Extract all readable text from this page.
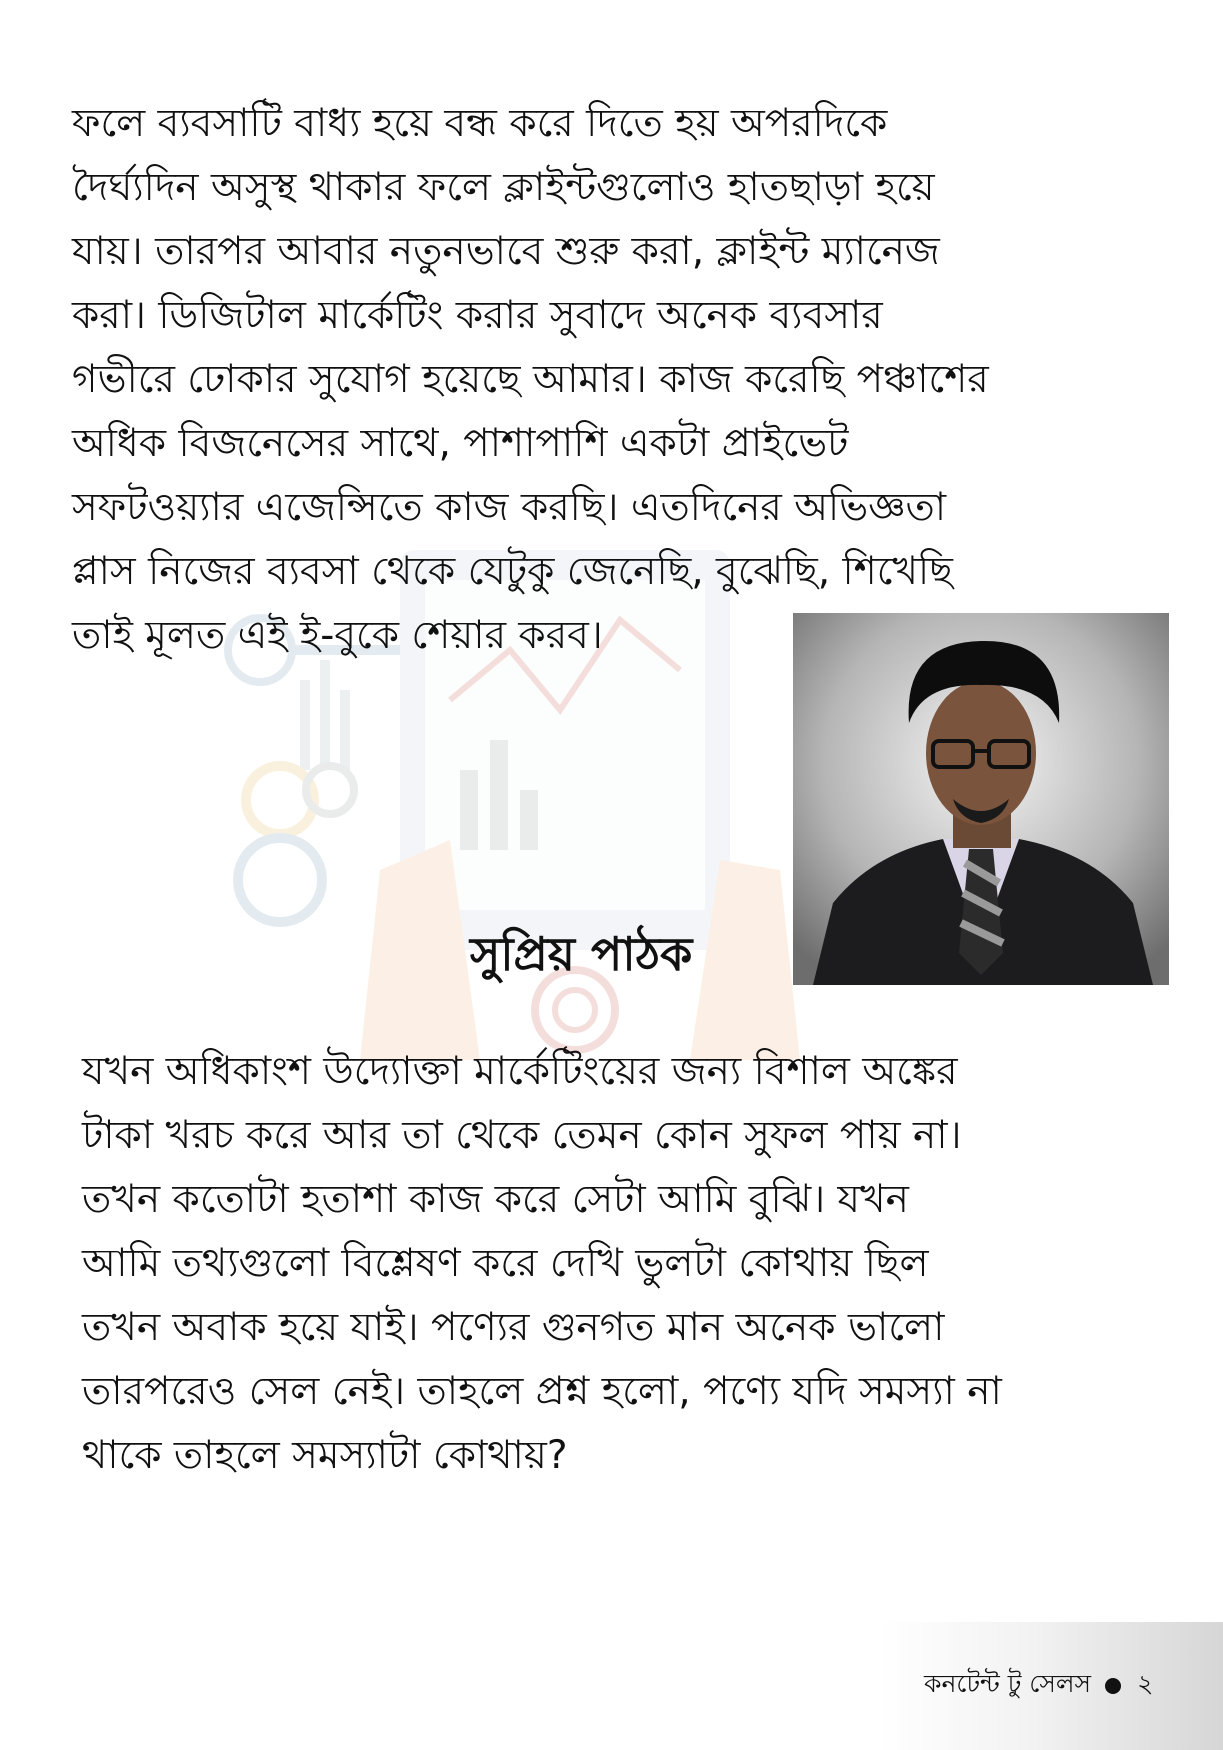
ফলে ব্যবসাটি বাধ্য হয়ে বন্ধ করে দিতে হয় অপরদিকে
দৈর্ঘ্যদিন অসুস্থ থাকার ফলে ক্লাইন্টগুলোও হাতছাড়া হয়ে
যায়। তারপর আবার নতুনভাবে শুরু করা, ক্লাইন্ট ম্যানেজ
করা। ডিজিটাল মার্কেটিং করার সুবাদে অনেক ব্যবসার
গভীরে ঢোকার সুযোগ হয়েছে আমার। কাজ করেছি পঞ্চাশের
অধিক বিজনেসের সাথে, পাশাপাশি একটা প্রাইভেট
সফটওয়্যার এজেন্সিতে কাজ করছি। এতদিনের অভিজ্ঞতা
প্লাস নিজের ব্যবসা থেকে যেটুকু জেনেছি, বুঝেছি, শিখেছি
তাই মূলত এই ই-বুকে শেয়ার করব।
সুপ্রিয় পাঠক
যখন অধিকাংশ উদ্যোক্তা মার্কেটিংয়ের জন্য বিশাল অঙ্কের
টাকা খরচ করে আর তা থেকে তেমন কোন সুফল পায় না।
তখন কতোটা হতাশা কাজ করে সেটা আমি বুঝি। যখন
আমি তথ্যগুলো বিশ্লেষণ করে দেখি ভুলটা কোথায় ছিল
তখন অবাক হয়ে যাই। পণ্যের গুনগত মান অনেক ভালো
তারপরেও সেল নেই। তাহলে প্রশ্ন হলো, পণ্যে যদি সমস্যা না
থাকে তাহলে সমস্যাটা কোথায়?
কনটেন্ট টু সেলস ২
